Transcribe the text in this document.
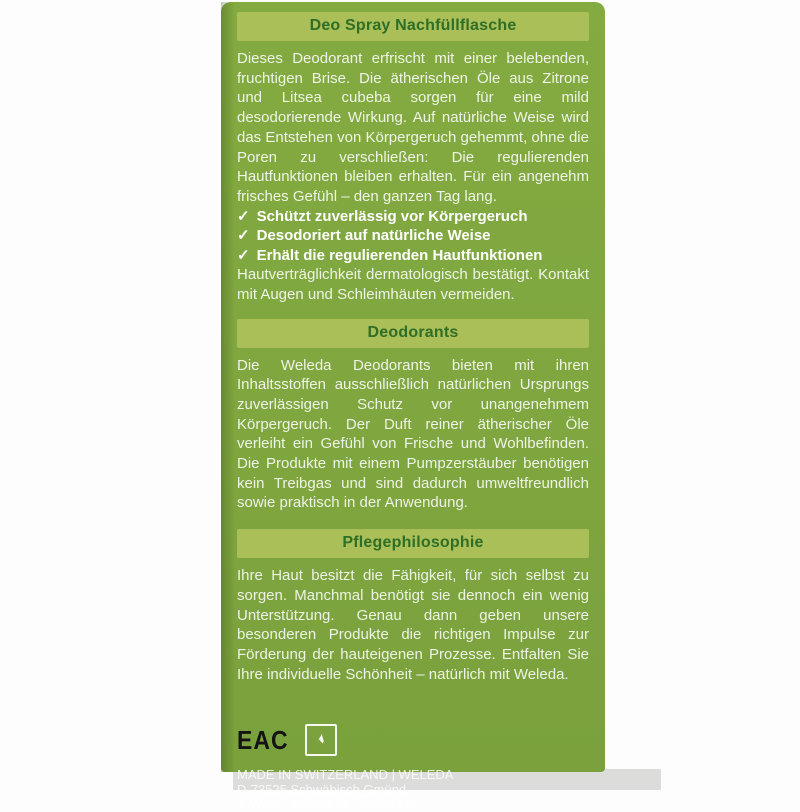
Deo Spray Nachfüllflasche
Dieses Deodorant erfrischt mit einer belebenden, fruchtigen Brise. Die ätherischen Öle aus Zitrone und Litsea cubeba sorgen für eine mild desodorierende Wirkung. Auf natürliche Weise wird das Entstehen von Körpergeruch gehemmt, ohne die Poren zu verschließen: Die regulierenden Hautfunktionen bleiben erhalten. Für ein angenehm frisches Gefühl – den ganzen Tag lang.
✓ Schützt zuverlässig vor Körpergeruch
✓ Desodoriert auf natürliche Weise
✓ Erhält die regulierenden Hautfunktionen
Hautverträglichkeit dermatologisch bestätigt. Kontakt mit Augen und Schleimhäuten vermeiden.
Deodorants
Die Weleda Deodorants bieten mit ihren Inhaltsstoffen ausschließlich natürlichen Ursprungs zuverlässigen Schutz vor unangenehmem Körpergeruch. Der Duft reiner ätherischer Öle verleiht ein Gefühl von Frische und Wohlbefinden. Die Produkte mit einem Pumpzerstäuber benötigen kein Treibgas und sind dadurch umweltfreundlich sowie praktisch in der Anwendung.
Pflegephilosophie
Ihre Haut besitzt die Fähigkeit, für sich selbst zu sorgen. Manchmal benötigt sie dennoch ein wenig Unterstützung. Genau dann geben unsere besonderen Produkte die richtigen Impulse zur Förderung der hauteigenen Prozesse. Entfalten Sie Ihre individuelle Schönheit – natürlich mit Weleda.
EAC
MADE IN SWITZERLAND | WELEDA
D-73525 Schwäbisch Gmünd
A-Wien | weleda.de | weleda.at
